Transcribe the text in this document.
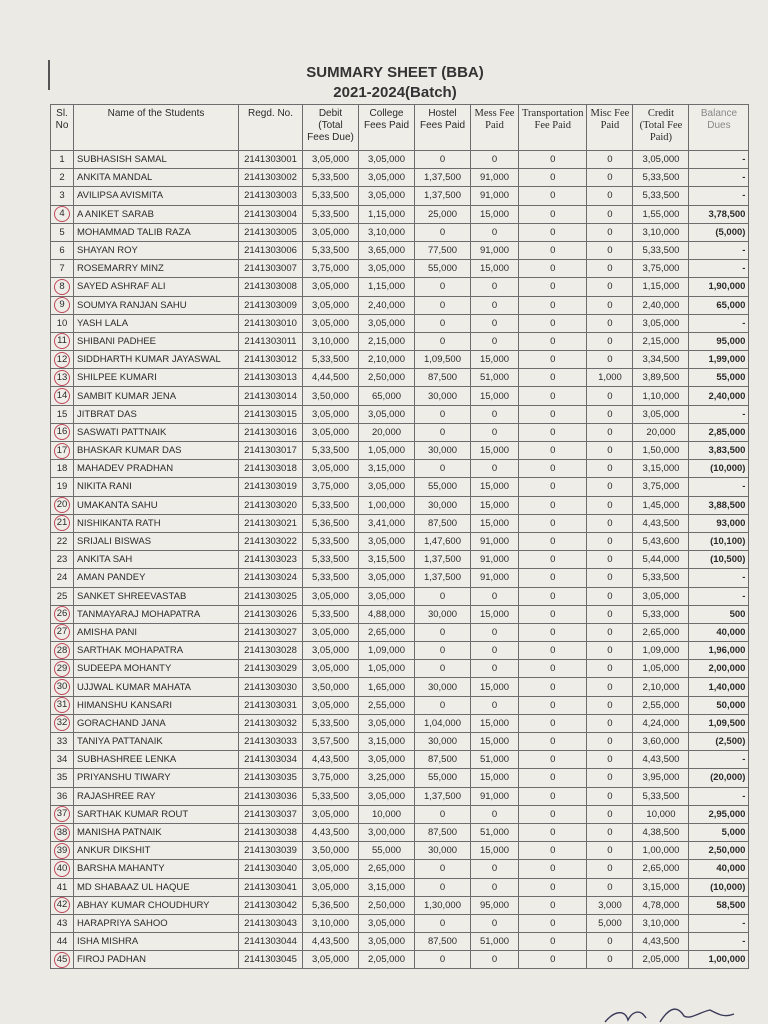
SUMMARY SHEET (BBA)
2021-2024(Batch)
Sl. No	Name of the Students	Regd. No.	Debit (Total Fees Due)	College Fees Paid	Hostel Fees Paid	Mess Fee Paid	Transportation Fee Paid	Misc Fee Paid	Credit (Total Fee Paid)	Balance Dues
1	SUBHASISH SAMAL	2141303001	3,05,000	3,05,000	0	0	0	0	3,05,000	-
2	ANKITA MANDAL	2141303002	5,33,500	3,05,000	1,37,500	91,000	0	0	5,33,500	-
3	AVILIPSA AVISMITA	2141303003	5,33,500	3,05,000	1,37,500	91,000	0	0	5,33,500	-
4	A ANIKET SARAB	2141303004	5,33,500	1,15,000	25,000	15,000	0	0	1,55,000	3,78,500
5	MOHAMMAD TALIB RAZA	2141303005	3,05,000	3,10,000	0	0	0	0	3,10,000	(5,000)
6	SHAYAN ROY	2141303006	5,33,500	3,65,000	77,500	91,000	0	0	5,33,500	-
7	ROSEMARRY MINZ	2141303007	3,75,000	3,05,000	55,000	15,000	0	0	3,75,000	-
8	SAYED ASHRAF ALI	2141303008	3,05,000	1,15,000	0	0	0	0	1,15,000	1,90,000
9	SOUMYA RANJAN SAHU	2141303009	3,05,000	2,40,000	0	0	0	0	2,40,000	65,000
10	YASH LALA	2141303010	3,05,000	3,05,000	0	0	0	0	3,05,000	-
11	SHIBANI PADHEE	2141303011	3,10,000	2,15,000	0	0	0	0	2,15,000	95,000
12	SIDDHARTH KUMAR JAYASWAL	2141303012	5,33,500	2,10,000	1,09,500	15,000	0	0	3,34,500	1,99,000
13	SHILPEE KUMARI	2141303013	4,44,500	2,50,000	87,500	51,000	0	1,000	3,89,500	55,000
14	SAMBIT KUMAR JENA	2141303014	3,50,000	65,000	30,000	15,000	0	0	1,10,000	2,40,000
15	JITBRAT DAS	2141303015	3,05,000	3,05,000	0	0	0	0	3,05,000	-
16	SASWATI PATTNAIK	2141303016	3,05,000	20,000	0	0	0	0	20,000	2,85,000
17	BHASKAR KUMAR DAS	2141303017	5,33,500	1,05,000	30,000	15,000	0	0	1,50,000	3,83,500
18	MAHADEV PRADHAN	2141303018	3,05,000	3,15,000	0	0	0	0	3,15,000	(10,000)
19	NIKITA RANI	2141303019	3,75,000	3,05,000	55,000	15,000	0	0	3,75,000	-
20	UMAKANTA SAHU	2141303020	5,33,500	1,00,000	30,000	15,000	0	0	1,45,000	3,88,500
21	NISHIKANTA RATH	2141303021	5,36,500	3,41,000	87,500	15,000	0	0	4,43,500	93,000
22	SRIJALI BISWAS	2141303022	5,33,500	3,05,000	1,47,600	91,000	0	0	5,43,600	(10,100)
23	ANKITA SAH	2141303023	5,33,500	3,15,500	1,37,500	91,000	0	0	5,44,000	(10,500)
24	AMAN PANDEY	2141303024	5,33,500	3,05,000	1,37,500	91,000	0	0	5,33,500	-
25	SANKET SHREEVASTAB	2141303025	3,05,000	3,05,000	0	0	0	0	3,05,000	-
26	TANMAYARAJ MOHAPATRA	2141303026	5,33,500	4,88,000	30,000	15,000	0	0	5,33,000	500
27	AMISHA PANI	2141303027	3,05,000	2,65,000	0	0	0	0	2,65,000	40,000
28	SARTHAK MOHAPATRA	2141303028	3,05,000	1,09,000	0	0	0	0	1,09,000	1,96,000
29	SUDEEPA MOHANTY	2141303029	3,05,000	1,05,000	0	0	0	0	1,05,000	2,00,000
30	UJJWAL KUMAR MAHATA	2141303030	3,50,000	1,65,000	30,000	15,000	0	0	2,10,000	1,40,000
31	HIMANSHU KANSARI	2141303031	3,05,000	2,55,000	0	0	0	0	2,55,000	50,000
32	GORACHAND JANA	2141303032	5,33,500	3,05,000	1,04,000	15,000	0	0	4,24,000	1,09,500
33	TANIYA PATTANAIK	2141303033	3,57,500	3,15,000	30,000	15,000	0	0	3,60,000	(2,500)
34	SUBHASHREE LENKA	2141303034	4,43,500	3,05,000	87,500	51,000	0	0	4,43,500	-
35	PRIYANSHU TIWARY	2141303035	3,75,000	3,25,000	55,000	15,000	0	0	3,95,000	(20,000)
36	RAJASHREE RAY	2141303036	5,33,500	3,05,000	1,37,500	91,000	0	0	5,33,500	-
37	SARTHAK KUMAR ROUT	2141303037	3,05,000	10,000	0	0	0	0	10,000	2,95,000
38	MANISHA PATNAIK	2141303038	4,43,500	3,00,000	87,500	51,000	0	0	4,38,500	5,000
39	ANKUR DIKSHIT	2141303039	3,50,000	55,000	30,000	15,000	0	0	1,00,000	2,50,000
40	BARSHA MAHANTY	2141303040	3,05,000	2,65,000	0	0	0	0	2,65,000	40,000
41	MD SHABAAZ UL HAQUE	2141303041	3,05,000	3,15,000	0	0	0	0	3,15,000	(10,000)
42	ABHAY KUMAR CHOUDHURY	2141303042	5,36,500	2,50,000	1,30,000	95,000	0	3,000	4,78,000	58,500
43	HARAPRIYA SAHOO	2141303043	3,10,000	3,05,000	0	0	0	5,000	3,10,000	-
44	ISHA MISHRA	2141303044	4,43,500	3,05,000	87,500	51,000	0	0	4,43,500	-
45	FIROJ PADHAN	2141303045	3,05,000	2,05,000	0	0	0	0	2,05,000	1,00,000
